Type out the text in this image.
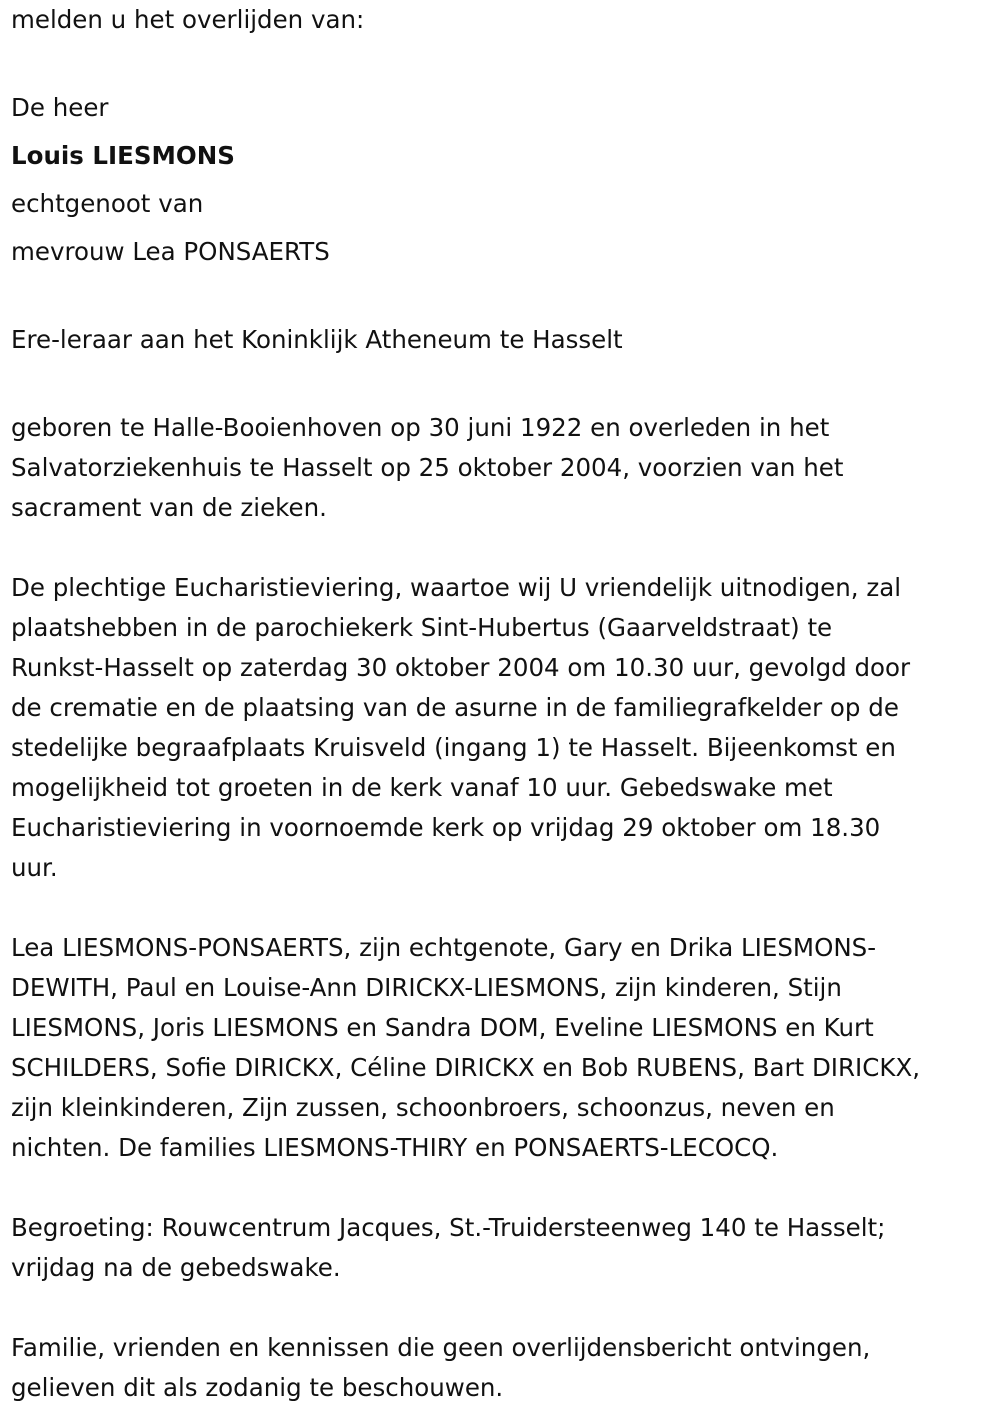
melden u het overlijden van:
De heer
Louis LIESMONS
echtgenoot van
mevrouw Lea PONSAERTS
Ere-leraar aan het Koninklijk Atheneum te Hasselt
geboren te Halle-Booienhoven op 30 juni 1922 en overleden in het
Salvatorziekenhuis te Hasselt op 25 oktober 2004, voorzien van het
sacrament van de zieken.
De plechtige Eucharistieviering, waartoe wij U vriendelijk uitnodigen, zal
plaatshebben in de parochiekerk Sint-Hubertus (Gaarveldstraat) te
Runkst-Hasselt op zaterdag 30 oktober 2004 om 10.30 uur, gevolgd door
de crematie en de plaatsing van de asurne in de familiegrafkelder op de
stedelijke begraafplaats Kruisveld (ingang 1) te Hasselt. Bijeenkomst en
mogelijkheid tot groeten in de kerk vanaf 10 uur. Gebedswake met
Eucharistieviering in voornoemde kerk op vrijdag 29 oktober om 18.30
uur.
Lea LIESMONS-PONSAERTS, zijn echtgenote, Gary en Drika LIESMONS-
DEWITH, Paul en Louise-Ann DIRICKX-LIESMONS, zijn kinderen, Stijn
LIESMONS, Joris LIESMONS en Sandra DOM, Eveline LIESMONS en Kurt
SCHILDERS, Sofie DIRICKX, Céline DIRICKX en Bob RUBENS, Bart DIRICKX,
zijn kleinkinderen, Zijn zussen, schoonbroers, schoonzus, neven en
nichten. De families LIESMONS-THIRY en PONSAERTS-LECOCQ.
Begroeting: Rouwcentrum Jacques, St.-Truidersteenweg 140 te Hasselt;
vrijdag na de gebedswake.
Familie, vrienden en kennissen die geen overlijdensbericht ontvingen,
gelieven dit als zodanig te beschouwen.
